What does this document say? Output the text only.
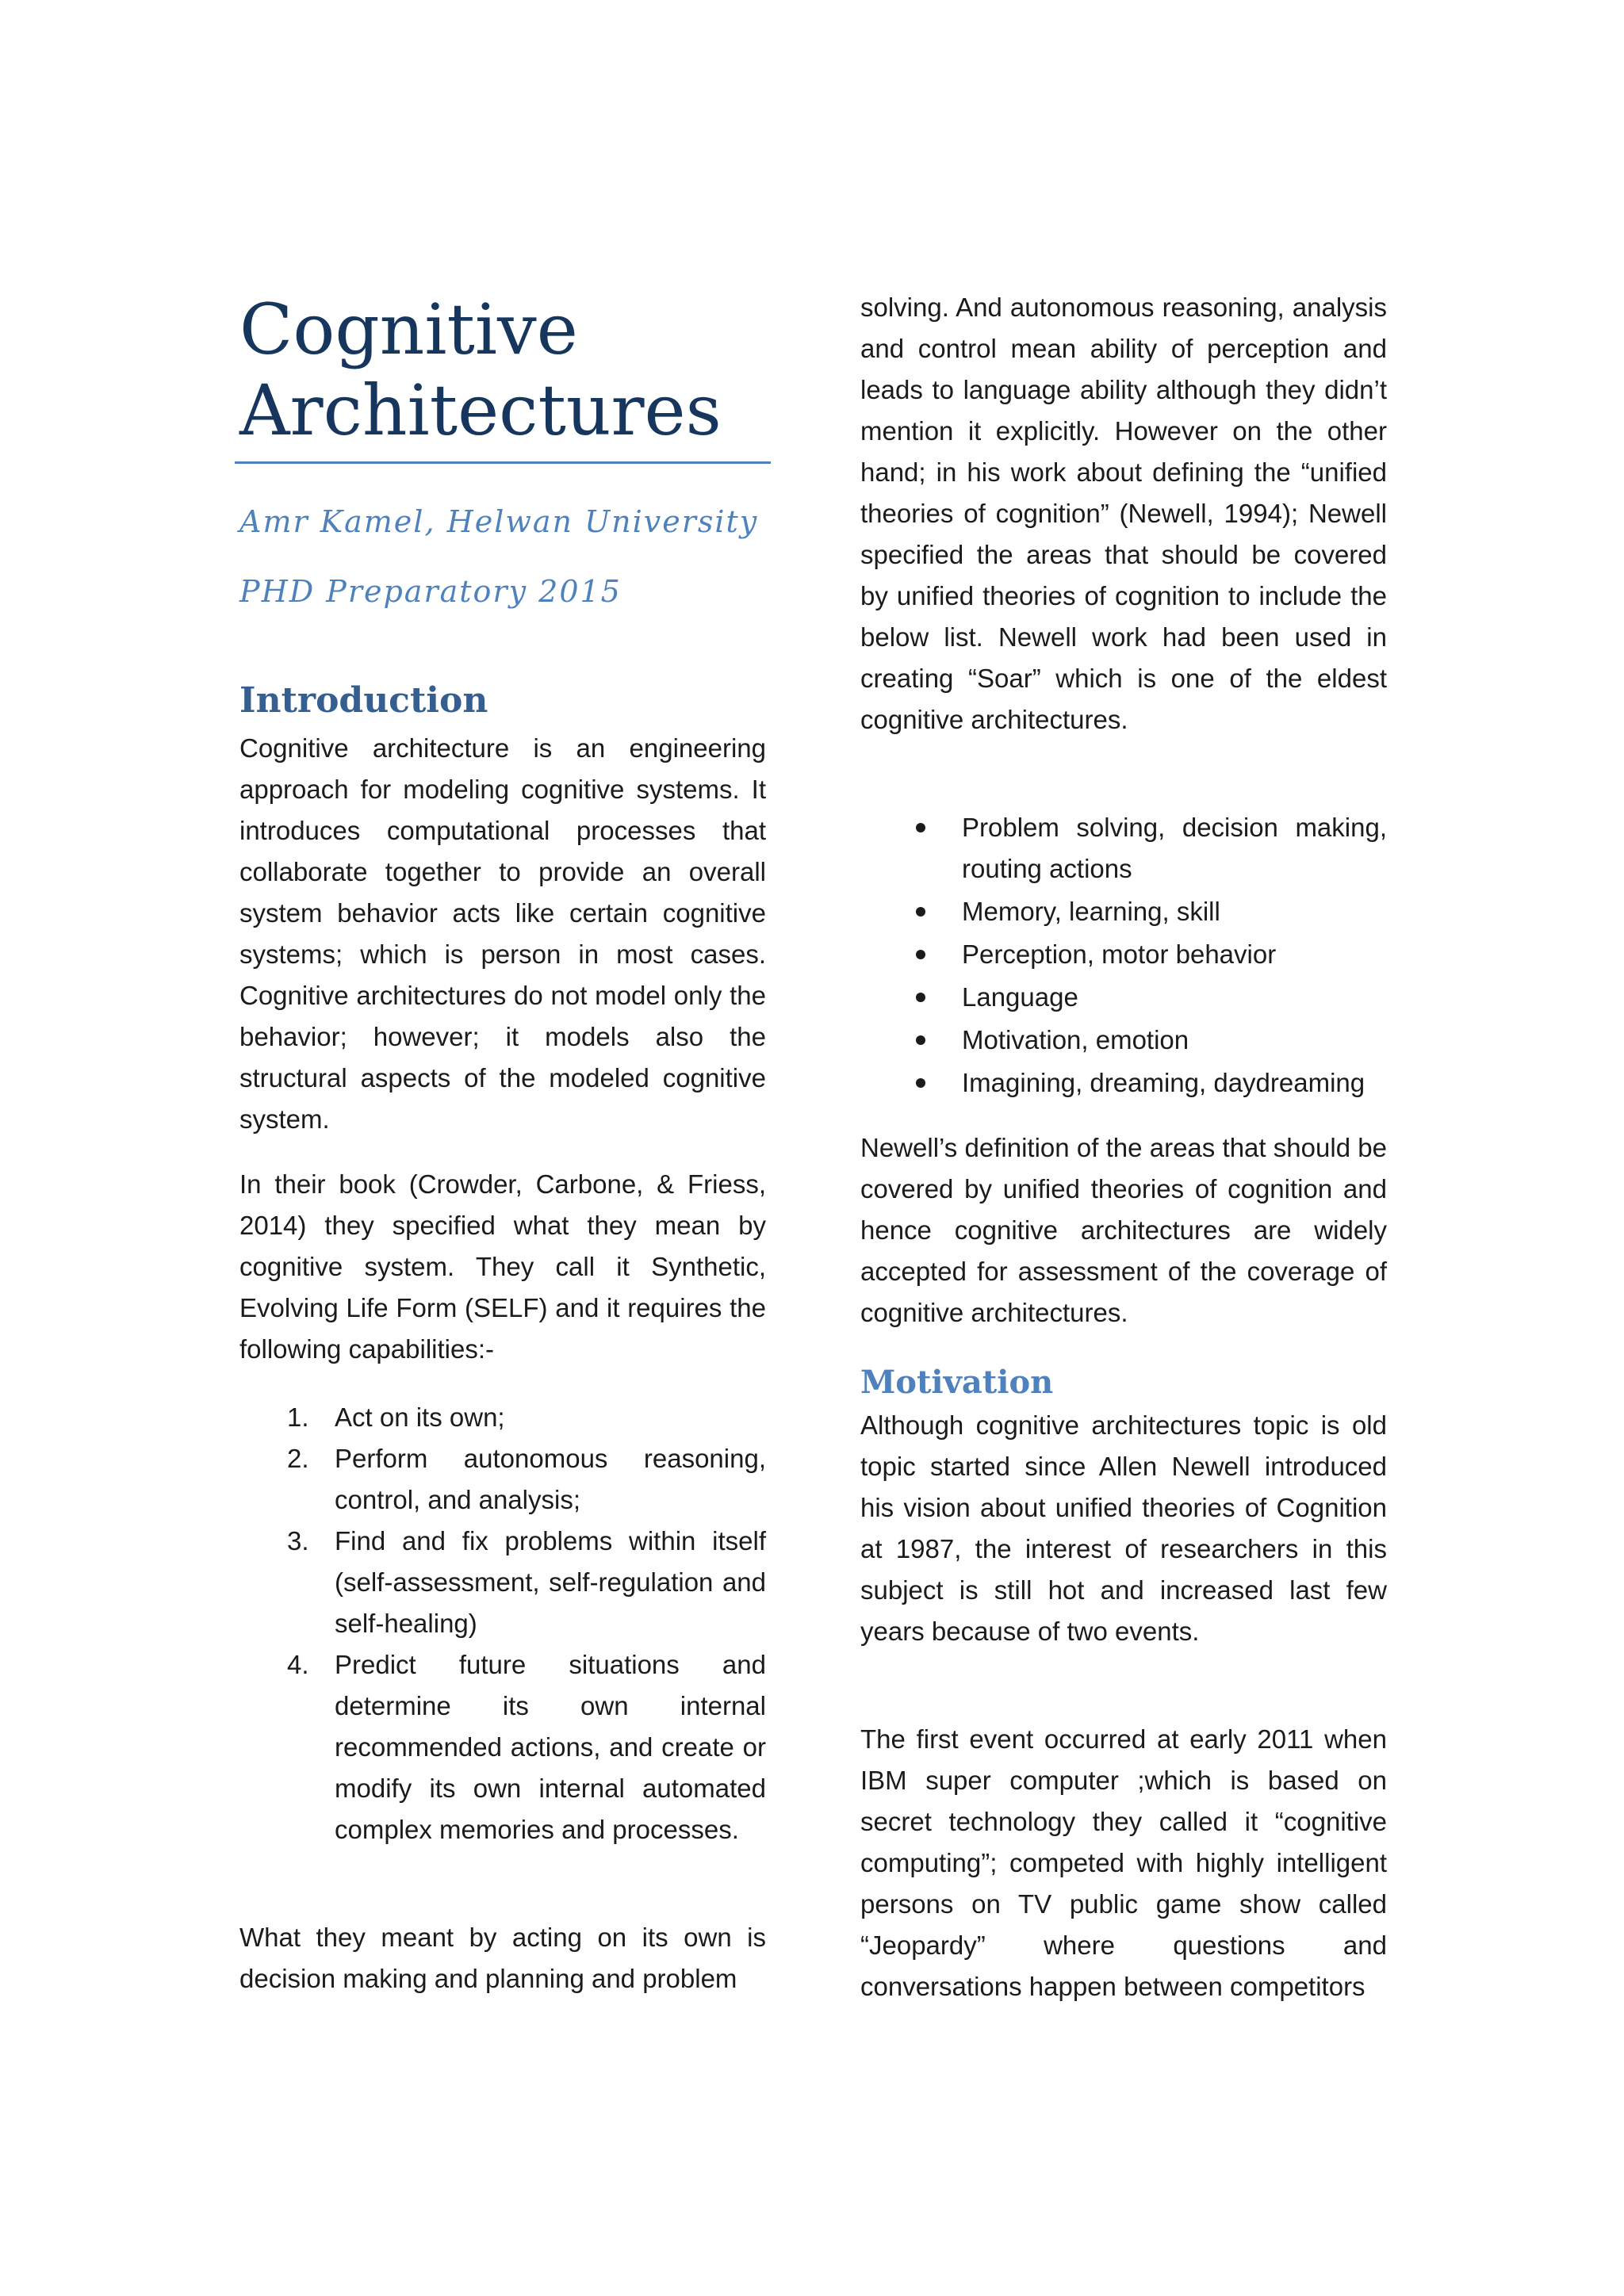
Cognitive
Architectures

Amr Kamel, Helwan University

PHD Preparatory 2015

Introduction

Cognitive architecture is an engineering approach for modeling cognitive systems. It introduces computational processes that collaborate together to provide an overall system behavior acts like certain cognitive systems; which is person in most cases. Cognitive architectures do not model only the behavior; however; it models also the structural aspects of the modeled cognitive system.

In their book (Crowder, Carbone, & Friess, 2014) they specified what they mean by cognitive system. They call it Synthetic, Evolving Life Form (SELF) and it requires the following capabilities:-

1. Act on its own;
2. Perform autonomous reasoning, control, and analysis;
3. Find and fix problems within itself (self-assessment, self-regulation and self-healing)
4. Predict future situations and determine its own internal recommended actions, and create or modify its own internal automated complex memories and processes.

What they meant by acting on its own is decision making and planning and problem

solving. And autonomous reasoning, analysis and control mean ability of perception and leads to language ability although they didn’t mention it explicitly. However on the other hand; in his work about defining the “unified theories of cognition” (Newell, 1994); Newell specified the areas that should be covered by unified theories of cognition to include the below list. Newell work had been used in creating “Soar” which is one of the eldest cognitive architectures.

Problem solving, decision making, routing actions
Memory, learning, skill
Perception, motor behavior
Language
Motivation, emotion
Imagining, dreaming, daydreaming

Newell’s definition of the areas that should be covered by unified theories of cognition and hence cognitive architectures are widely accepted for assessment of the coverage of cognitive architectures.

Motivation

Although cognitive architectures topic is old topic started since Allen Newell introduced his vision about unified theories of Cognition at 1987, the interest of researchers in this subject is still hot and increased last few years because of two events.

The first event occurred at early 2011 when IBM super computer ;which is based on secret technology they called it “cognitive computing”; competed with highly intelligent persons on TV public game show called “Jeopardy” where questions and conversations happen between competitors
